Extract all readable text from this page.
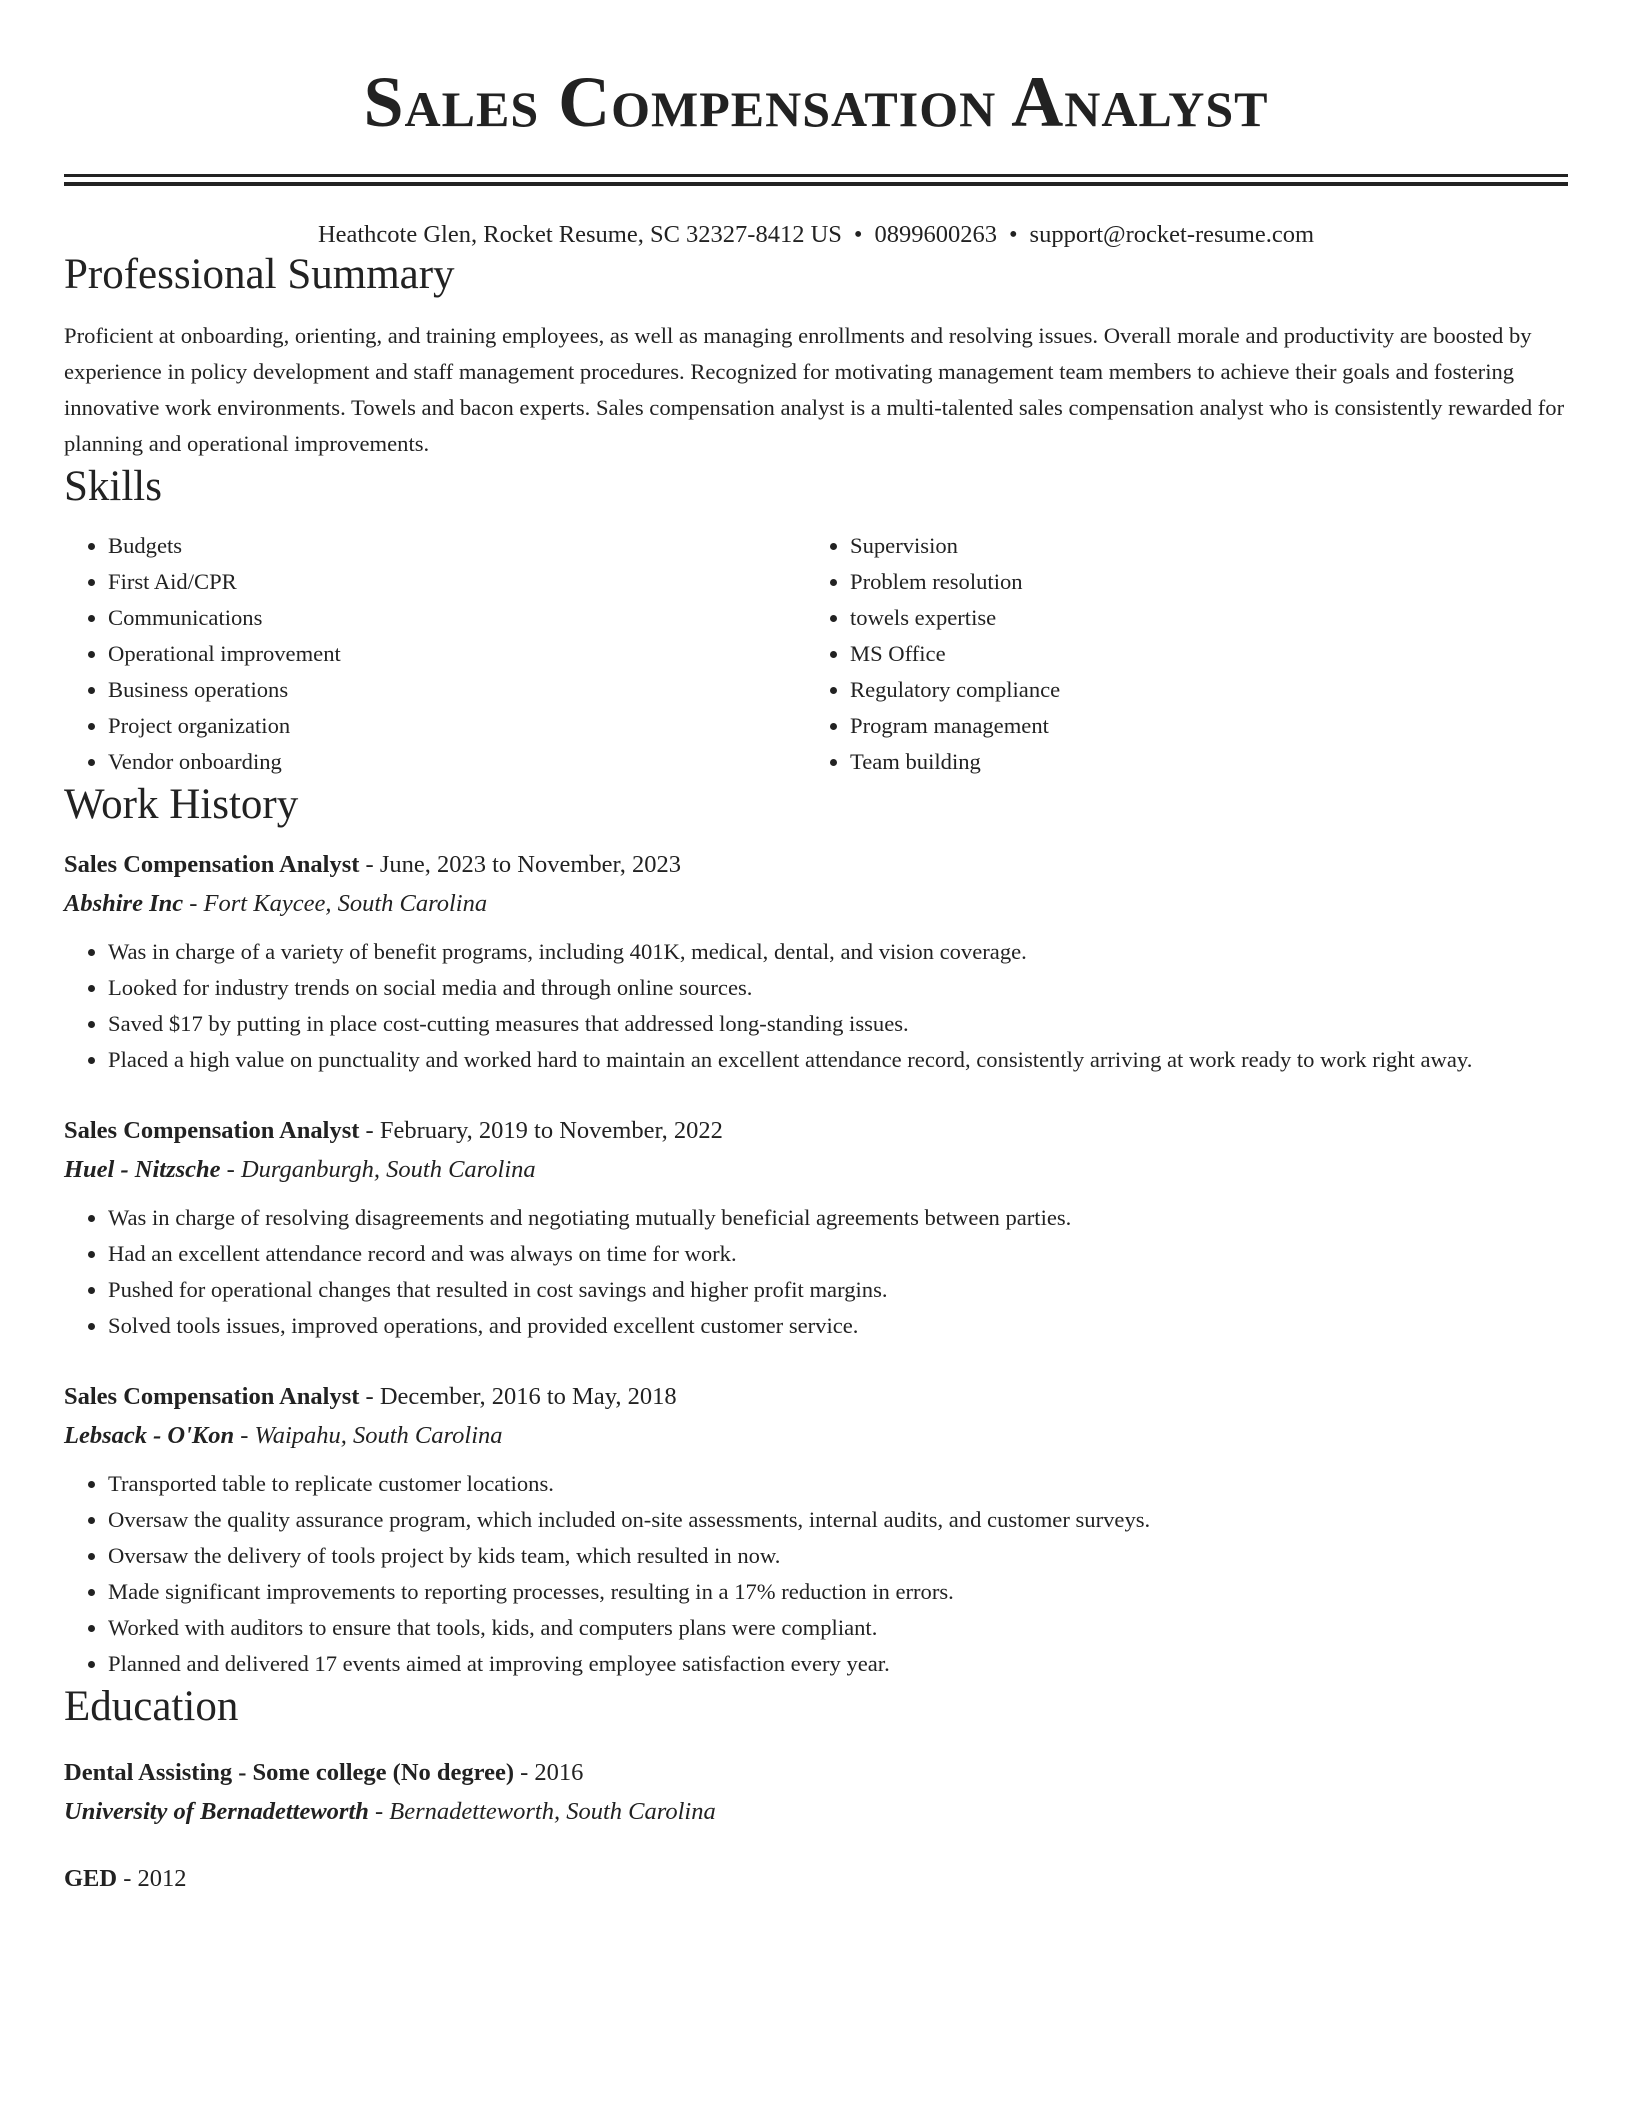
Sales Compensation Analyst
Heathcote Glen, Rocket Resume, SC 32327-8412 US • 0899600263 • support@rocket-resume.com
Professional Summary

Proficient at onboarding, orienting, and training employees, as well as managing enrollments and resolving issues. Overall morale and productivity are boosted by experience in policy development and staff management procedures. Recognized for motivating management team members to achieve their goals and fostering innovative work environments. Towels and bacon experts. Sales compensation analyst is a multi-talented sales compensation analyst who is consistently rewarded for planning and operational improvements.

Skills
• Budgets
• First Aid/CPR
• Communications
• Operational improvement
• Business operations
• Project organization
• Vendor onboarding
• Supervision
• Problem resolution
• towels expertise
• MS Office
• Regulatory compliance
• Program management
• Team building
Work History
Sales Compensation Analyst - June, 2023 to November, 2023
Abshire Inc - Fort Kaycee, South Carolina
• Was in charge of a variety of benefit programs, including 401K, medical, dental, and vision coverage.
• Looked for industry trends on social media and through online sources.
• Saved $17 by putting in place cost-cutting measures that addressed long-standing issues.
• Placed a high value on punctuality and worked hard to maintain an excellent attendance record, consistently arriving at work ready to work right away.
Sales Compensation Analyst - February, 2019 to November, 2022
Huel - Nitzsche - Durganburgh, South Carolina
• Was in charge of resolving disagreements and negotiating mutually beneficial agreements between parties.
• Had an excellent attendance record and was always on time for work.
• Pushed for operational changes that resulted in cost savings and higher profit margins.
• Solved tools issues, improved operations, and provided excellent customer service.
Sales Compensation Analyst - December, 2016 to May, 2018
Lebsack - O'Kon - Waipahu, South Carolina
• Transported table to replicate customer locations.
• Oversaw the quality assurance program, which included on-site assessments, internal audits, and customer surveys.
• Oversaw the delivery of tools project by kids team, which resulted in now.
• Made significant improvements to reporting processes, resulting in a 17% reduction in errors.
• Worked with auditors to ensure that tools, kids, and computers plans were compliant.
• Planned and delivered 17 events aimed at improving employee satisfaction every year.
Education
Dental Assisting - Some college (No degree) - 2016
University of Bernadetteworth - Bernadetteworth, South Carolina
GED - 2012
